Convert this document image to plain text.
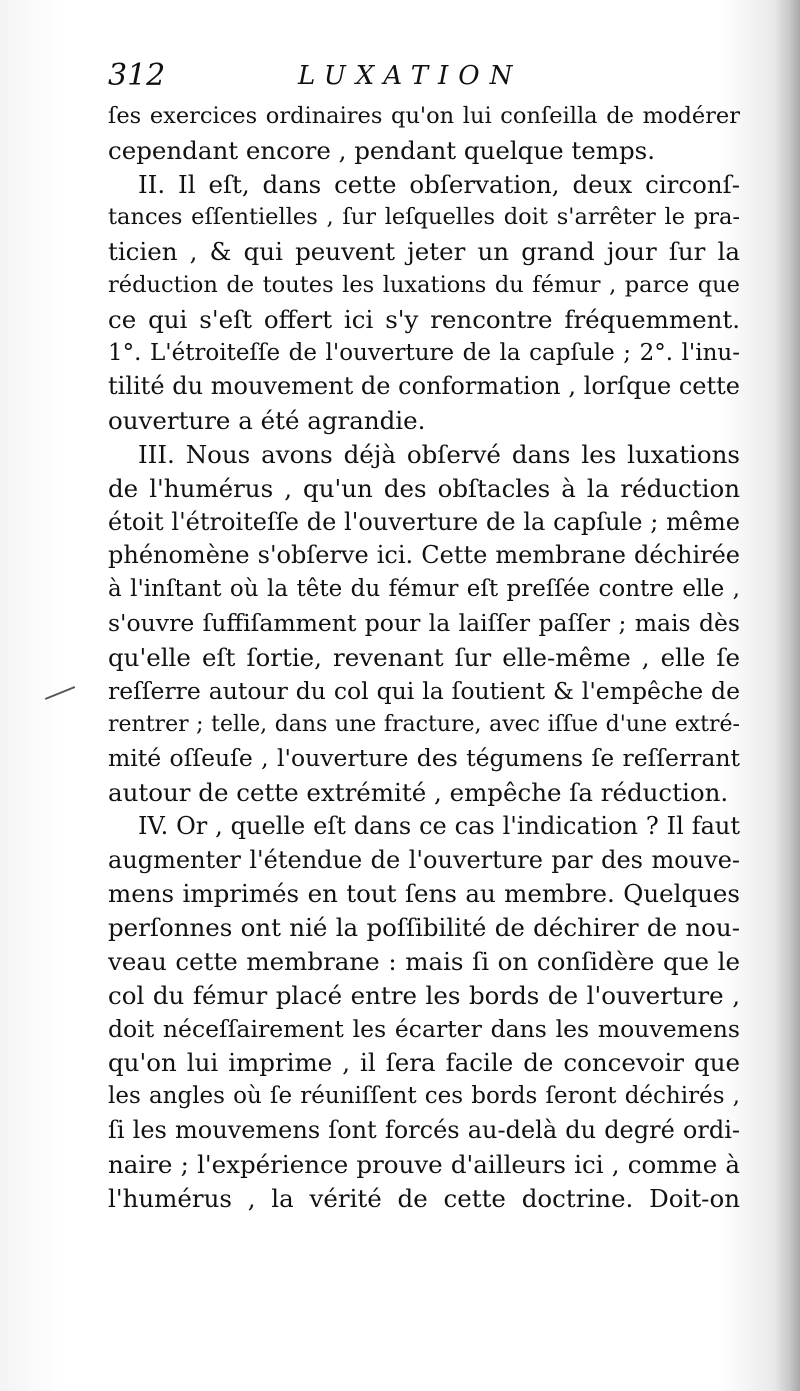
312	LUXATION
ſes exercices ordinaires qu'on lui conſeilla de modérer
cependant encore , pendant quelque temps.
II. Il eſt, dans cette obſervation, deux circonſ-
tances eſſentielles , ſur leſquelles doit s'arrêter le pra-
ticien , & qui peuvent jeter un grand jour ſur la
réduction de toutes les luxations du fémur , parce que
ce qui s'eſt offert ici s'y rencontre fréquemment.
1°. L'étroiteſſe de l'ouverture de la capſule ; 2°. l'inu-
tilité du mouvement de conformation , lorſque cette
ouverture a été agrandie.
III. Nous avons déjà obſervé dans les luxations
de l'humérus , qu'un des obſtacles à la réduction
étoit l'étroiteſſe de l'ouverture de la capſule ; même
phénomène s'obſerve ici. Cette membrane déchirée
à l'inſtant où la tête du fémur eſt preſſée contre elle ,
s'ouvre ſuffiſamment pour la laiſſer paſſer ; mais dès
qu'elle eſt ſortie, revenant ſur elle-même , elle ſe
reſſerre autour du col qui la ſoutient & l'empêche de
rentrer ; telle, dans une fracture, avec iſſue d'une extré-
mité oſſeuſe , l'ouverture des tégumens ſe reſſerrant
autour de cette extrémité , empêche ſa réduction.
IV. Or , quelle eſt dans ce cas l'indication ? Il faut
augmenter l'étendue de l'ouverture par des mouve-
mens imprimés en tout ſens au membre. Quelques
perſonnes ont nié la poſſibilité de déchirer de nou-
veau cette membrane : mais ſi on conſidère que le
col du fémur placé entre les bords de l'ouverture ,
doit néceſſairement les écarter dans les mouvemens
qu'on lui imprime , il ſera facile de concevoir que
les angles où ſe réuniſſent ces bords ſeront déchirés ,
ſi les mouvemens ſont forcés au-delà du degré ordi-
naire ; l'expérience prouve d'ailleurs ici , comme à
l'humérus , la vérité de cette doctrine. Doit-on
